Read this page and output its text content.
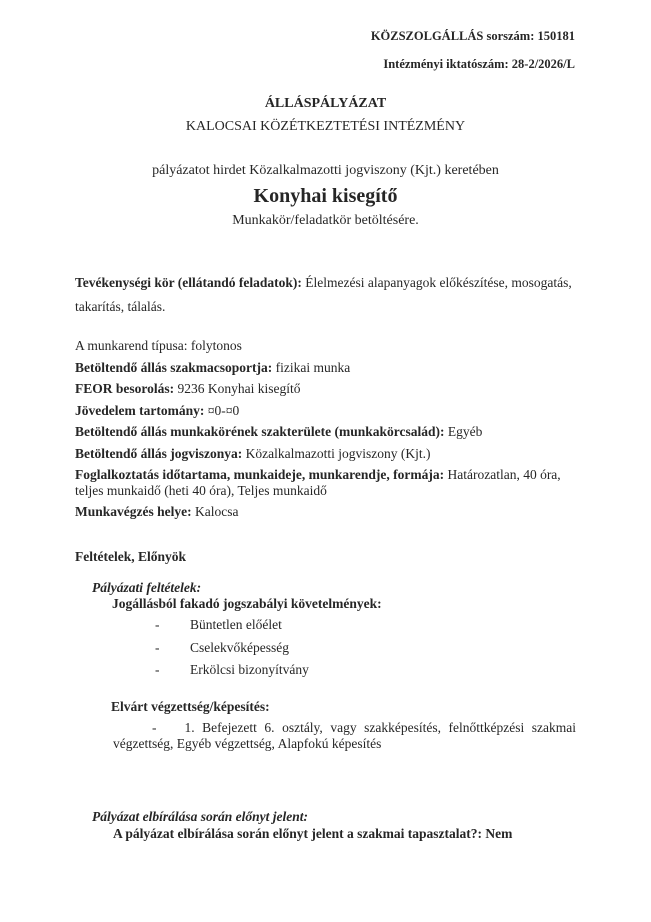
KÖZSZOLGÁLLÁS sorszám: 150181
Intézményi iktatószám: 28-2/2026/L
ÁLLÁSPÁLYÁZAT
KALOCSAI KÖZÉTKEZTETÉSI INTÉZMÉNY
pályázatot hirdet Közalkalmazotti jogviszony (Kjt.) keretében
Konyhai kisegítő
Munkakör/feladatkör betöltésére.
Tevékenységi kör (ellátandó feladatok): Élelmezési alapanyagok előkészítése, mosogatás, takarítás, tálalás.

A munkarend típusa: folytonos

Betöltendő állás szakmacsoportja: fizikai munka

FEOR besorolás: 9236 Konyhai kisegítő

Jövedelem tartomány: ¤0-¤0

Betöltendő állás munkakörének szakterülete (munkakörcsalád): Egyéb

Betöltendő állás jogviszonya: Közalkalmazotti jogviszony (Kjt.)

Foglalkoztatás időtartama, munkaideje, munkarendje, formája: Határozatlan, 40 óra, teljes munkaidő (heti 40 óra), Teljes munkaidő

Munkavégzés helye: Kalocsa

Feltételek, Előnyök
Pályázati feltételek:
Jogállásból fakadó jogszabályi követelmények:
- Büntetlen előélet
- Cselekvőképesség
- Erkölcsi bizonyítvány
Elvárt végzettség/képesítés:
- 1. Befejezett 6. osztály, vagy szakképesítés, felnőttképzési szakmai végzettség, Egyéb végzettség, Alapfokú képesítés
Pályázat elbírálása során előnyt jelent:
A pályázat elbírálása során előnyt jelent a szakmai tapasztalat?: Nem
